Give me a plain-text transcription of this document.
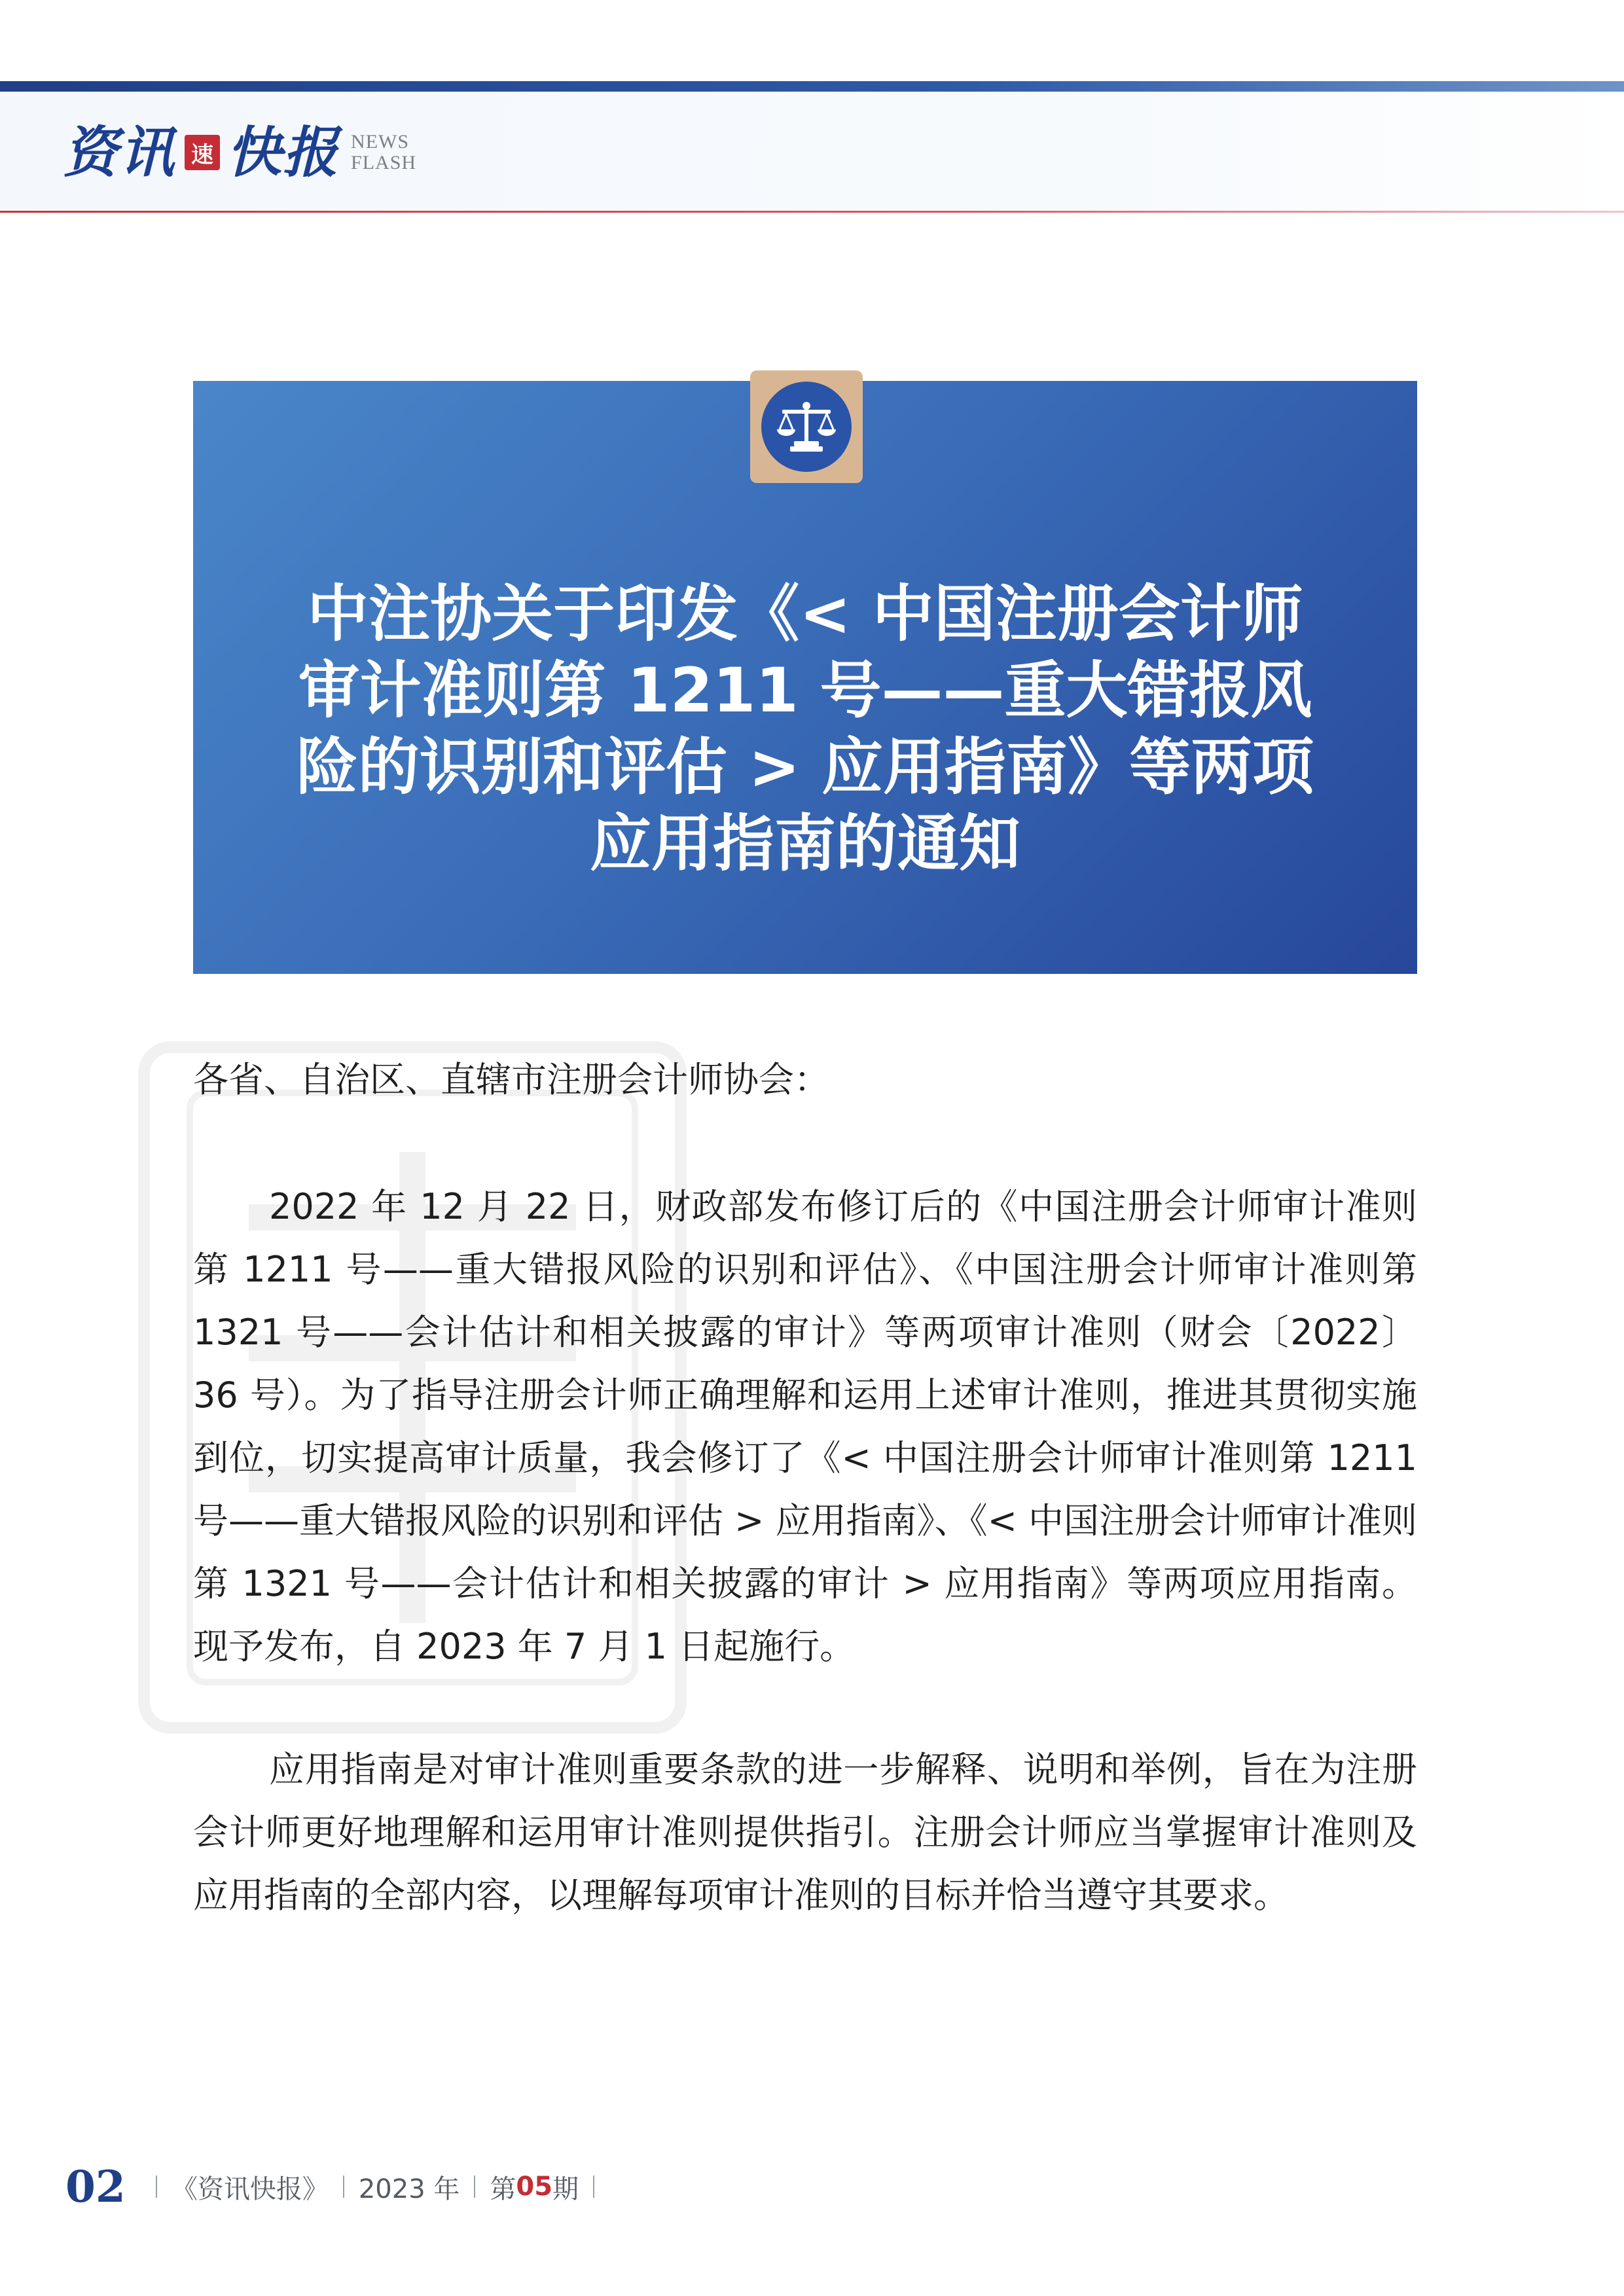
资讯 速 快报 NEWS
FLASH
中注协关于印发《< 中国注册会计师
审计准则第 1211 号——重大错报风
险的识别和评估 > 应用指南》等两项
应用指南的通知
各省、自治区、直辖市注册会计师协会：
2022 年 12 月 22 日，财政部发布修订后的《中国注册会计师审计准则第 1211 号——重大错报风险的识别和评估》、《中国注册会计师审计准则第 1321 号——会计估计和相关披露的审计》等两项审计准则（财会〔2022〕36 号）。为了指导注册会计师正确理解和运用上述审计准则，推进其贯彻实施到位，切实提高审计质量，我会修订了《< 中国注册会计师审计准则第 1211 号——重大错报风险的识别和评估 > 应用指南》、《< 中国注册会计师审计准则第 1321 号——会计估计和相关披露的审计 > 应用指南》等两项应用指南。现予发布，自 2023 年 7 月 1 日起施行。
应用指南是对审计准则重要条款的进一步解释、说明和举例，旨在为注册会计师更好地理解和运用审计准则提供指引。注册会计师应当掌握审计准则及应用指南的全部内容，以理解每项审计准则的目标并恰当遵守其要求。
02 《资讯快报》 2023 年 第 05 期
